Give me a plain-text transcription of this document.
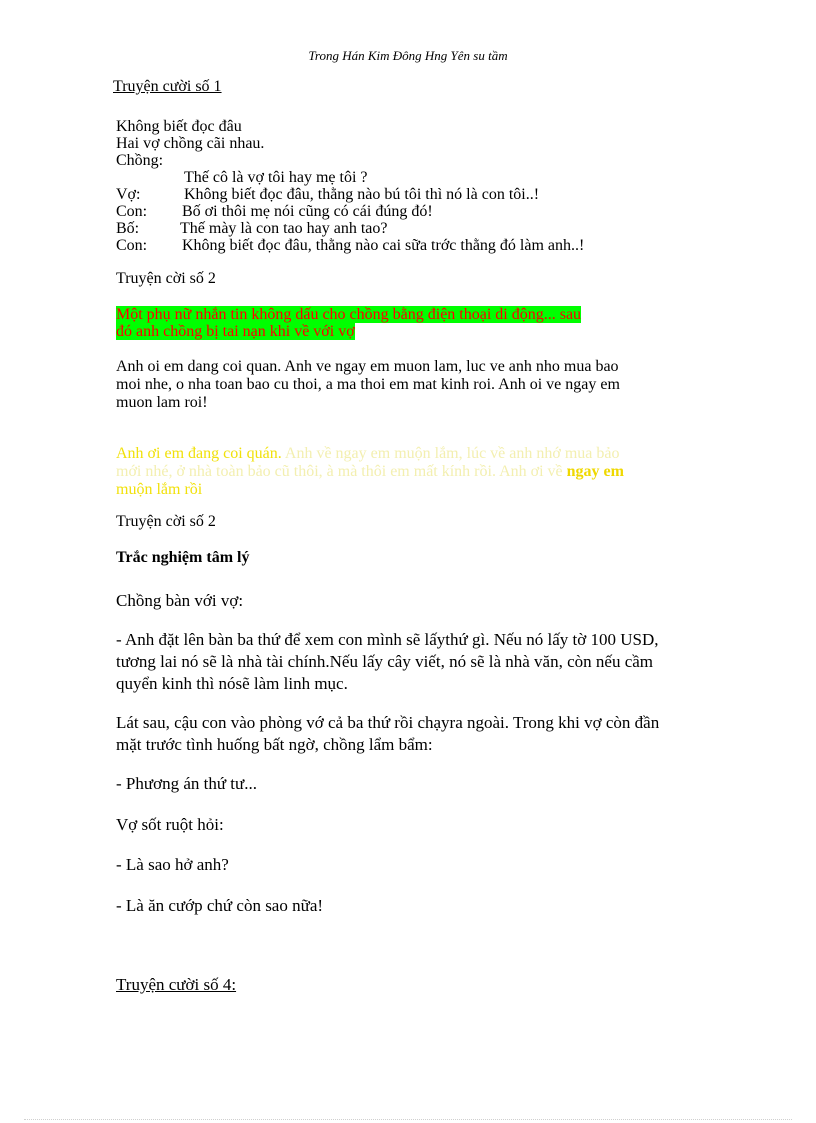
Trong Hán Kim Đông Hng Yên su tầm
Truyện cười số 1
Không biết đọc đâu
Hai vợ chồng cãi nhau.
Chồng:
Thế cô là vợ tôi hay mẹ tôi ?
Vợ:	Không biết đọc đâu, thằng nào bú tôi thì nó là con tôi..!
Con: Bố ơi thôi mẹ nói cũng có cái đúng đó!
Bố:	Thế mày là con tao hay anh tao?
Con: Không biết đọc đâu, thằng nào cai sữa trớc thằng đó làm anh..!
Truyện cời số 2
Một phụ nữ nhắn tin không dấu cho chồng bằng điện thoại di động... sau
đó anh chồng bị tai nạn khi về với vợ
Anh oi em dang coi quan. Anh ve ngay em muon lam, luc ve anh nho mua bao
moi nhe, o nha toan bao cu thoi, a ma thoi em mat kinh roi. Anh oi ve ngay em
muon lam roi!
Anh ơi em đang coi quán. Anh về ngay em muộn lắm, lúc về anh nhớ mua bảo
mới nhé, ở nhà toàn bảo cũ thôi, à mà thôi em mất kính rồi. Anh ơi về ngay em
muộn lắm rồi
Truyện cời số 2
Trắc nghiệm tâm lý
Chồng bàn với vợ:
- Anh đặt lên bàn ba thứ để xem con mình sẽ lấythứ gì. Nếu nó lấy tờ 100 USD,
tương lai nó sẽ là nhà tài chính.Nếu lấy cây viết, nó sẽ là nhà văn, còn nếu cầm
quyển kinh thì nósẽ làm linh mục.
Lát sau, cậu con vào phòng vớ cả ba thứ rồi chạyra ngoài. Trong khi vợ còn đần
mặt trước tình huống bất ngờ, chồng lẩm bẩm:
- Phương án thứ tư...
Vợ sốt ruột hỏi:
- Là sao hở anh?
- Là ăn cướp chứ còn sao nữa!
Truyện cười số 4:
